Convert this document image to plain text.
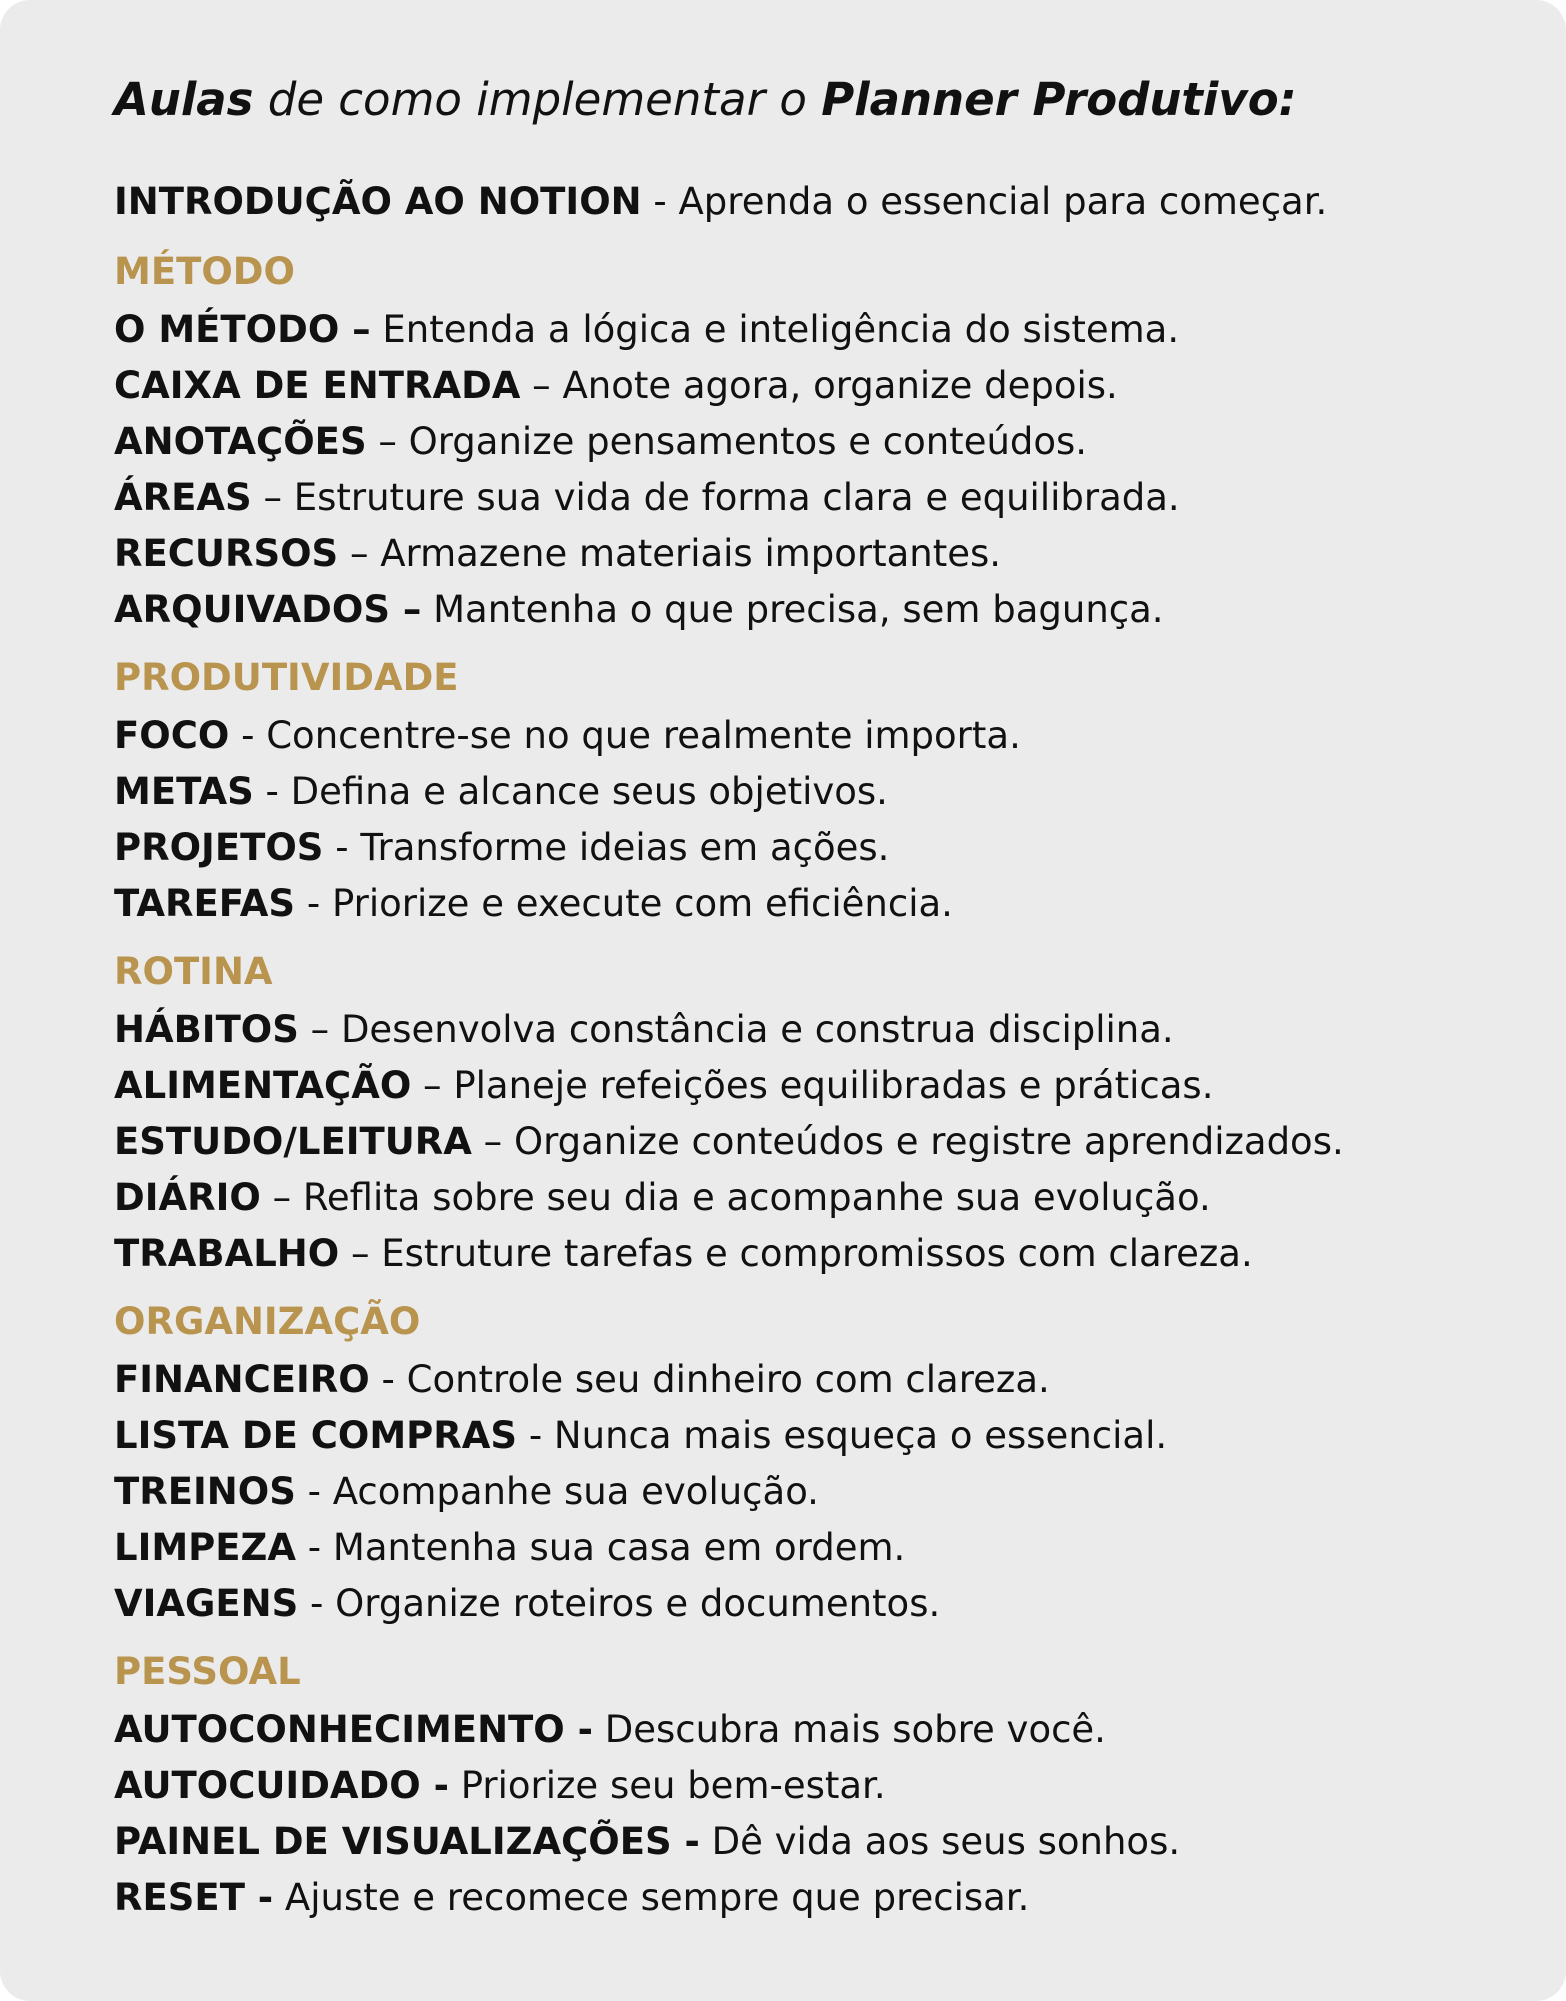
Aulas de como implementar o Planner Produtivo:
INTRODUÇÃO AO NOTION - Aprenda o essencial para começar.
MÉTODO
O MÉTODO – Entenda a lógica e inteligência do sistema.
CAIXA DE ENTRADA – Anote agora, organize depois.
ANOTAÇÕES – Organize pensamentos e conteúdos.
ÁREAS – Estruture sua vida de forma clara e equilibrada.
RECURSOS – Armazene materiais importantes.
ARQUIVADOS – Mantenha o que precisa, sem bagunça.
PRODUTIVIDADE
FOCO - Concentre-se no que realmente importa.
METAS - Defina e alcance seus objetivos.
PROJETOS - Transforme ideias em ações.
TAREFAS - Priorize e execute com eficiência.
ROTINA
HÁBITOS – Desenvolva constância e construa disciplina.
ALIMENTAÇÃO – Planeje refeições equilibradas e práticas.
ESTUDO/LEITURA – Organize conteúdos e registre aprendizados.
DIÁRIO – Reflita sobre seu dia e acompanhe sua evolução.
TRABALHO – Estruture tarefas e compromissos com clareza.
ORGANIZAÇÃO
FINANCEIRO - Controle seu dinheiro com clareza.
LISTA DE COMPRAS - Nunca mais esqueça o essencial.
TREINOS - Acompanhe sua evolução.
LIMPEZA - Mantenha sua casa em ordem.
VIAGENS - Organize roteiros e documentos.
PESSOAL
AUTOCONHECIMENTO - Descubra mais sobre você.
AUTOCUIDADO - Priorize seu bem-estar.
PAINEL DE VISUALIZAÇÕES - Dê vida aos seus sonhos.
RESET - Ajuste e recomece sempre que precisar.
